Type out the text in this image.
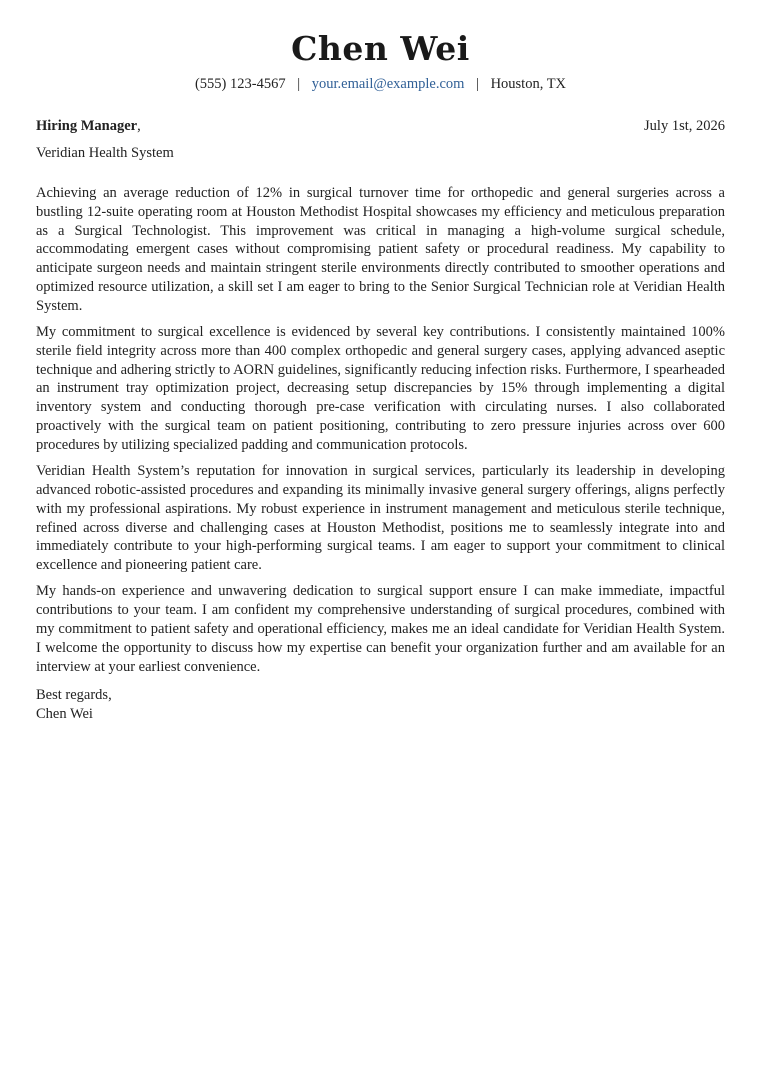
Chen Wei
(555) 123-4567 | your.email@example.com | Houston, TX
Hiring Manager,	July 1st, 2026
Veridian Health System

Achieving an average reduction of 12% in surgical turnover time for orthopedic and general surgeries across a bustling 12-suite operating room at Houston Methodist Hospital showcases my efficiency and meticulous preparation as a Surgical Technologist. This improvement was critical in managing a high-volume surgical schedule, accommodating emergent cases without compromising patient safety or procedural readiness. My capability to anticipate surgeon needs and maintain stringent sterile environments directly contributed to smoother operations and optimized resource utilization, a skill set I am eager to bring to the Senior Surgical Technician role at Veridian Health System.

My commitment to surgical excellence is evidenced by several key contributions. I consistently maintained 100% sterile field integrity across more than 400 complex orthopedic and general surgery cases, applying advanced aseptic technique and adhering strictly to AORN guidelines, significantly reducing infection risks. Furthermore, I spearheaded an instrument tray optimization project, decreasing setup discrepancies by 15% through implementing a digital inventory system and conducting thorough pre-case verification with circulating nurses. I also collaborated proactively with the surgical team on patient positioning, contributing to zero pressure injuries across over 600 procedures by utilizing specialized padding and communication protocols.

Veridian Health System’s reputation for innovation in surgical services, particularly its leadership in developing advanced robotic-assisted procedures and expanding its minimally invasive general surgery offerings, aligns perfectly with my professional aspirations. My robust experience in instrument management and meticulous sterile technique, refined across diverse and challenging cases at Houston Methodist, positions me to seamlessly integrate into and immediately contribute to your high-performing surgical teams. I am eager to support your commitment to clinical excellence and pioneering patient care.

My hands-on experience and unwavering dedication to surgical support ensure I can make immediate, impactful contributions to your team. I am confident my comprehensive understanding of surgical procedures, combined with my commitment to patient safety and operational efficiency, makes me an ideal candidate for Veridian Health System. I welcome the opportunity to discuss how my expertise can benefit your organization further and am available for an interview at your earliest convenience.

Best regards,
Chen Wei
